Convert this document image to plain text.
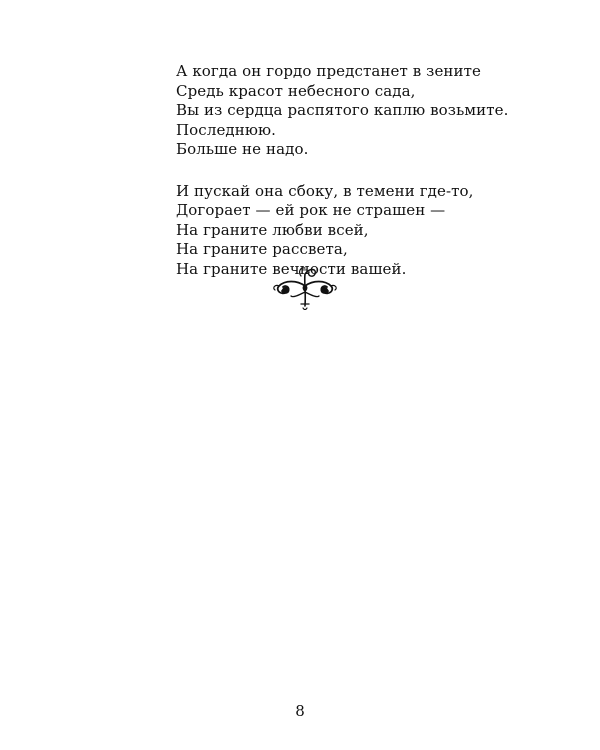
А когда он гордо предстанет в зените
Средь красот небесного сада,
Вы из сердца распятого каплю возьмите.
Последнюю.
Больше не надо.
И пускай она сбоку, в темени где-то,
Догорает — ей рок не страшен —
На граните любви всей,
На граните рассвета,
На граните вечности вашей.
8
